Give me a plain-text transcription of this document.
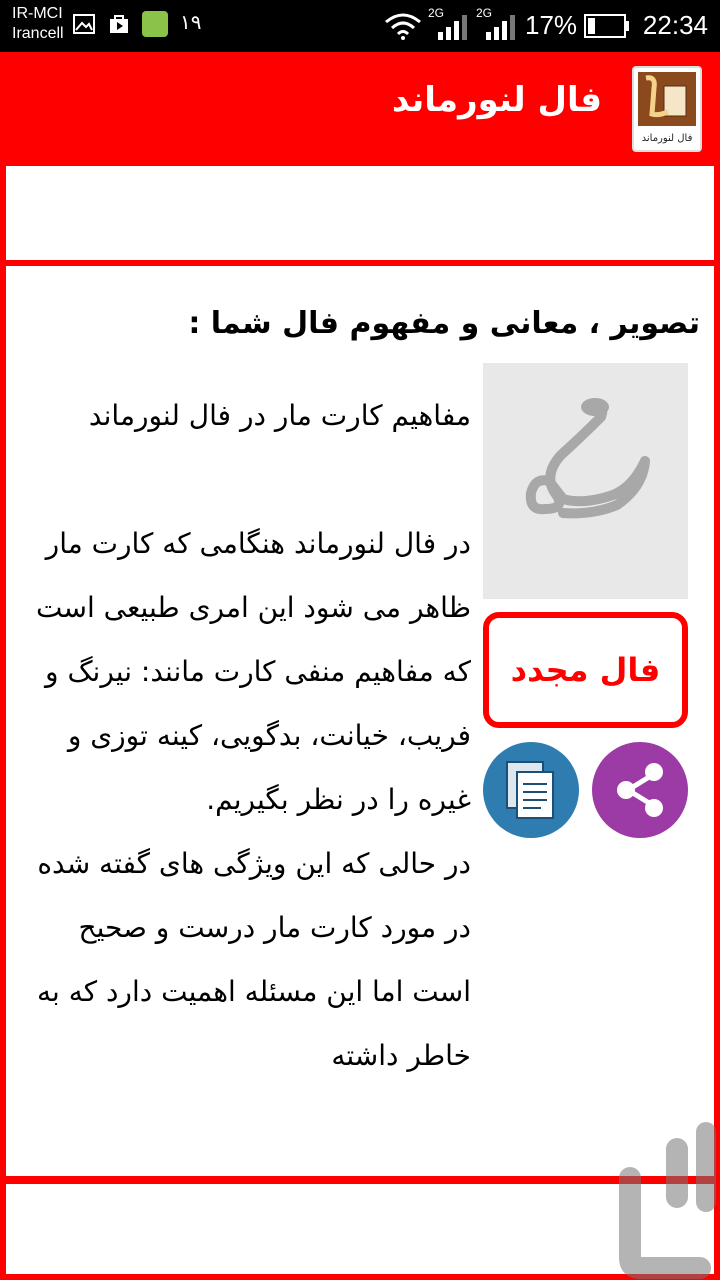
IR-MCI
Irancell	۱۹	2G	2G 17%	22:34
فال لنورماند
فال لنورماند
تصویر ، معانی و مفهوم فال شما :

مفاهیم کارت مار در فال لنورماند

در فال لنورماند هنگامی که کارت مار ظاهر می شود این امری طبیعی است که مفاهیم منفی کارت مانند: نیرنگ و فریب، خیانت، بدگویی، کینه توزی و غیره را در نظر بگیریم.

در حالی که این ویژگی های گفته شده در مورد کارت مار درست و صحیح است اما این مسئله اهمیت دارد که به خاطر داشته

فال مجدد
